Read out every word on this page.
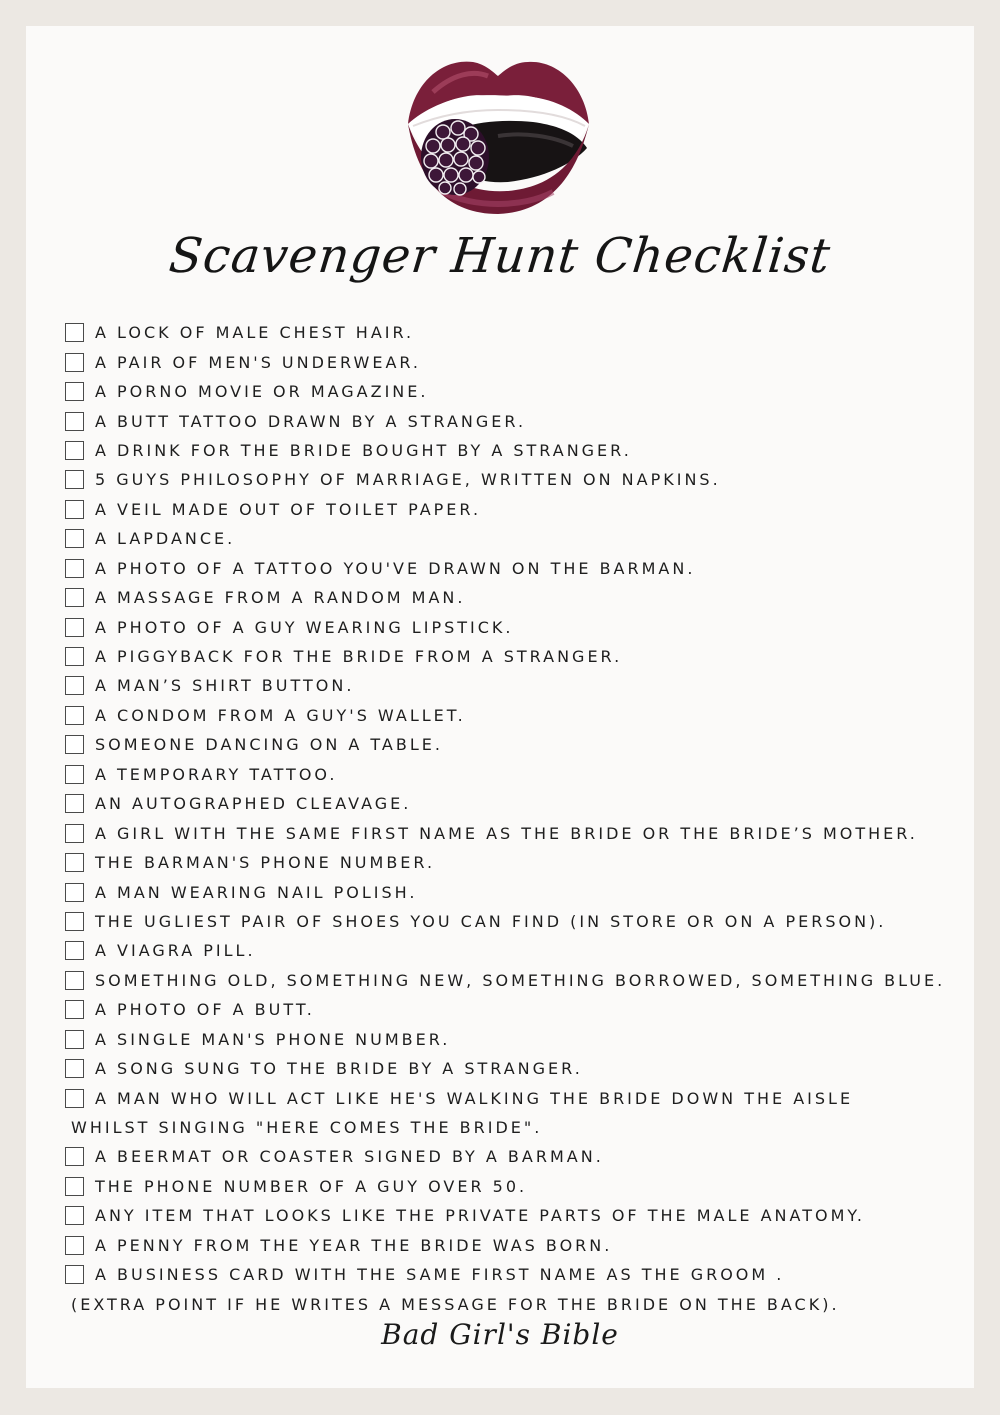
Scavenger Hunt Checklist
A LOCK OF MALE CHEST HAIR.
A PAIR OF MEN'S UNDERWEAR.
A PORNO MOVIE OR MAGAZINE.
A BUTT TATTOO DRAWN BY A STRANGER.
A DRINK FOR THE BRIDE BOUGHT BY A STRANGER.
5 GUYS PHILOSOPHY OF MARRIAGE, WRITTEN ON NAPKINS.
A VEIL MADE OUT OF TOILET PAPER.
A LAPDANCE.
A PHOTO OF A TATTOO YOU'VE DRAWN ON THE BARMAN.
A MASSAGE FROM A RANDOM MAN.
A PHOTO OF A GUY WEARING LIPSTICK.
A PIGGYBACK FOR THE BRIDE FROM A STRANGER.
A MAN’S SHIRT BUTTON.
A CONDOM FROM A GUY'S WALLET.
SOMEONE DANCING ON A TABLE.
A TEMPORARY TATTOO.
AN AUTOGRAPHED CLEAVAGE.
A GIRL WITH THE SAME FIRST NAME AS THE BRIDE OR THE BRIDE’S MOTHER.
THE BARMAN'S PHONE NUMBER.
A MAN WEARING NAIL POLISH.
THE UGLIEST PAIR OF SHOES YOU CAN FIND (IN STORE OR ON A PERSON).
A VIAGRA PILL.
SOMETHING OLD, SOMETHING NEW, SOMETHING BORROWED, SOMETHING BLUE.
A PHOTO OF A BUTT.
A SINGLE MAN'S PHONE NUMBER.
A SONG SUNG TO THE BRIDE BY A STRANGER.
A MAN WHO WILL ACT LIKE HE'S WALKING THE BRIDE DOWN THE AISLE
WHILST SINGING "HERE COMES THE BRIDE".
A BEERMAT OR COASTER SIGNED BY A BARMAN.
THE PHONE NUMBER OF A GUY OVER 50.
ANY ITEM THAT LOOKS LIKE THE PRIVATE PARTS OF THE MALE ANATOMY.
A PENNY FROM THE YEAR THE BRIDE WAS BORN.
A BUSINESS CARD WITH THE SAME FIRST NAME AS THE GROOM .
(EXTRA POINT IF HE WRITES A MESSAGE FOR THE BRIDE ON THE BACK).
Bad Girl's Bible
